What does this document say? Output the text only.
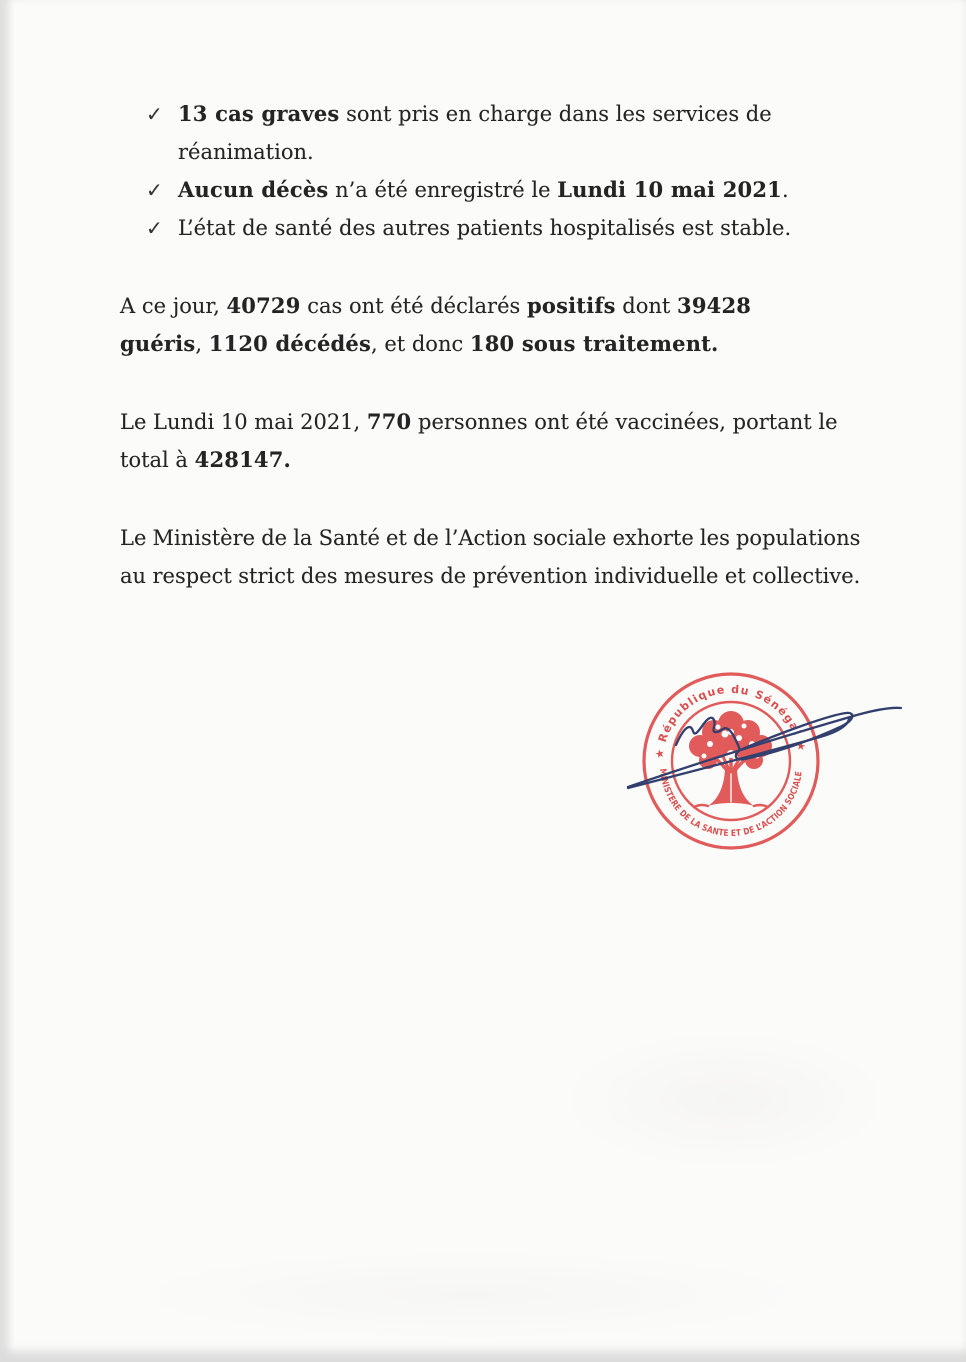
✓ 13 cas graves sont pris en charge dans les services de
réanimation.
✓ Aucun décès n’a été enregistré le Lundi 10 mai 2021.
✓ L’état de santé des autres patients hospitalisés est stable.
A ce jour, 40729 cas ont été déclarés positifs dont 39428
guéris, 1120 décédés, et donc 180 sous traitement.
Le Lundi 10 mai 2021, 770 personnes ont été vaccinées, portant le
total à 428147.
Le Ministère de la Santé et de l’Action sociale exhorte les populations
au respect strict des mesures de prévention individuelle et collective.
★ République du Sénégal ★
MINISTERE DE LA SANTE ET DE L’ACTION SOCIALE
